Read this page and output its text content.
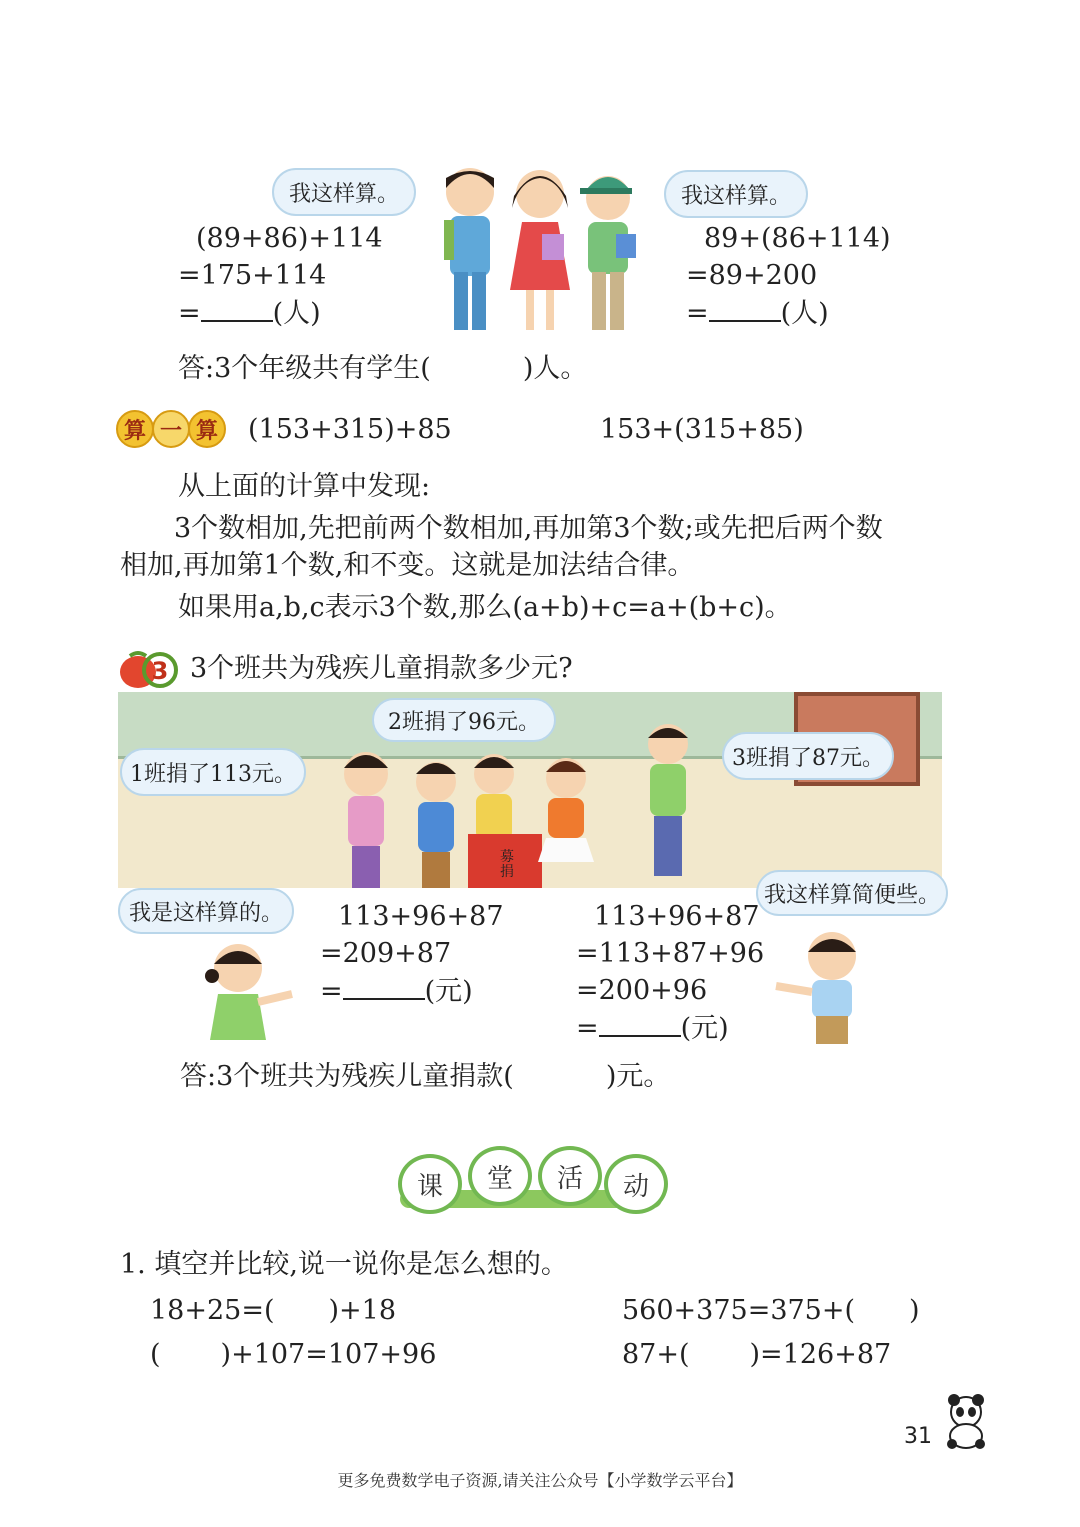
我这样算。	我这样算。
(89+86)+114
=175+114
=	(人)
89+(86+114)
=89+200
=	(人)
答:3个年级共有学生(	)人。
算 一 算 (153+315)+85	153+(315+85)
从上面的计算中发现:
3个数相加,先把前两个数相加,再加第3个数;或先把后两个数
相加,再加第1个数,和不变。这就是加法结合律。
如果用a,b,c表示3个数,那么(a+b)+c=a+(b+c)。
3 3个班共为残疾儿童捐款多少元?
募捐
1班捐了113元。
2班捐了96元。
3班捐了87元。
我是这样算的。
我这样算简便些。
113+96+87
=209+87
=	(元)
113+96+87
=113+87+96
=200+96
=	(元)
答:3个班共为残疾儿童捐款(	)元。
课	堂	活	动
1. 填空并比较,说一说你是怎么想的。
18+25=( )+18	560+375=375+( )
( )+107=107+96	87+( )=126+87
31
更多免费数学电子资源,请关注公众号【小学数学云平台】
